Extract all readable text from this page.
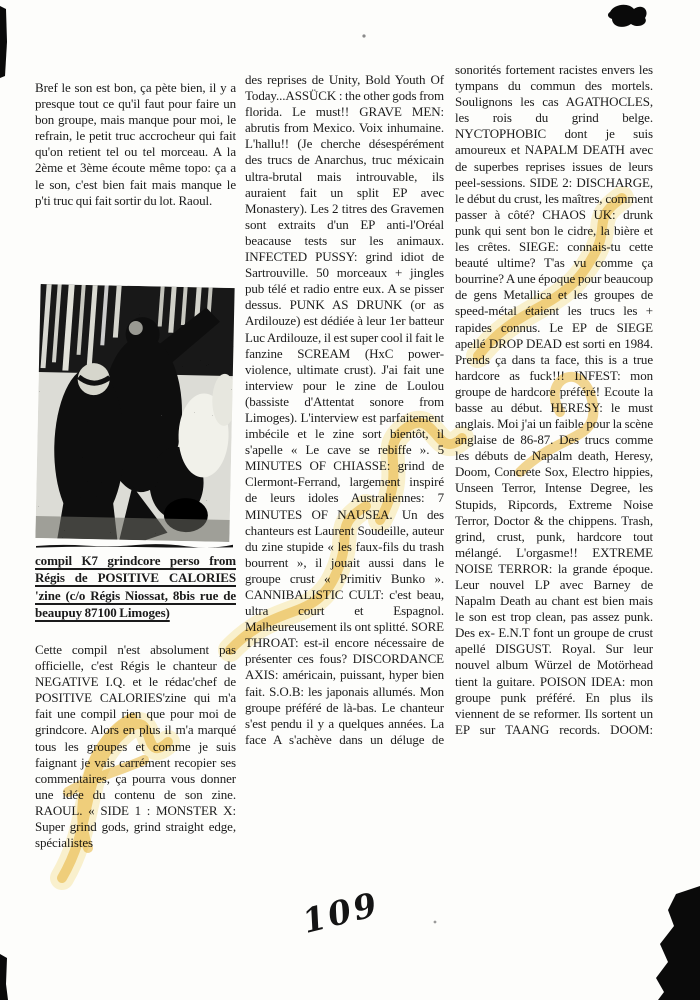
Bref le son est bon, ça pète bien, il y a presque tout ce qu'il faut pour faire un bon groupe, mais manque pour moi, le refrain, le petit truc accrocheur qui fait qu'on retient tel ou tel morceau. A la 2ème et 3ème écoute même topo: ça a le son, c'est bien fait mais manque le p'ti truc qui fait sortir du lot. Raoul.
compil K7 grindcore perso from Régis de POSITIVE CALORIES 'zine (c/o Régis Niossat, 8bis rue de beaupuy 87100 Limoges)
Cette compil n'est absolument pas officielle, c'est Régis le chanteur de NEGATIVE I.Q. et le rédac'chef de POSITIVE CALORIES'zine qui m'a fait une compil rien que pour moi de grindcore. Alors en plus il m'a marqué tous les groupes et comme je suis faignant je vais carrément recopier ses commentaires, ça pourra vous donner une idée du contenu de son zine. RAOUL. « SIDE 1 : MONSTER X: Super grind gods, grind straight edge, spécialistes
des reprises de Unity, Bold Youth Of Today...ASSÜCK : the other gods from florida. Le must!! GRAVE MEN: abrutis from Mexico. Voix inhumaine. L'hallu!! (Je cherche désespérément des trucs de Anarchus, truc méxicain ultra-brutal mais introuvable, ils auraient fait un split EP avec Monastery). Les 2 titres des Gravemen sont extraits d'un EP anti-l'Oréal beacause tests sur les animaux. INFECTED PUSSY: grind idiot de Sartrouville. 50 morceaux + jingles pub télé et radio entre eux. A se pisser dessus. PUNK AS DRUNK (or as Ardilouze) est dédiée à leur 1er batteur Luc Ardilouze, il est super cool il fait le fanzine SCREAM (HxC power-violence, ultimate crust). J'ai fait une interview pour le zine de Loulou (bassiste d'Attentat sonore from Limoges). L'interview est parfaitement imbécile et le zine sort bientôt, il s'apelle « Le cave se rebiffe ». 5 MINUTES OF CHIASSE: grind de Clermont-Ferrand, largement inspiré de leurs idoles Australiennes: 7 MINUTES OF NAUSEA. Un des chanteurs est Laurent Soudeille, auteur du zine stupide « les faux-fils du trash bourrent », il jouait aussi dans le groupe crust « Primitiv Bunko ». CANNIBALISTIC CULT: c'est beau, ultra court et Espagnol. Malheureusement ils ont splitté. SORE THROAT: est-il encore nécessaire de présenter ces fous? DISCORDANCE AXIS: américain, puissant, hyper bien fait. S.O.B: les japonais allumés. Mon groupe préféré de là-bas. Le chanteur s'est pendu il y a quelques années. La face A s'achève dans un déluge de
sonorités fortement racistes envers les tympans du commun des mortels. Soulignons les cas AGATHOCLES, les rois du grind belge. NYCTOPHOBIC dont je suis amoureux et NAPALM DEATH avec de superbes reprises issues de leurs peel-sessions. SIDE 2: DISCHARGE, le début du crust, les maîtres, comment passer à côté? CHAOS UK: drunk punk qui sent bon le cidre, la bière et les crêtes. SIEGE: connais-tu cette beauté ultime? T'as vu comme ça bourrine? A une époque pour beaucoup de gens Metallica et les groupes de speed-métal étaient les trucs les + rapides connus. Le EP de SIEGE apellé DROP DEAD est sorti en 1984. Prends ça dans ta face, this is a true hardcore as fuck!!! INFEST: mon groupe de hardcore préféré! Ecoute la basse au début. HERESY: le must anglais. Moi j'ai un faible pour la scène anglaise de 86-87. Des trucs comme les débuts de Napalm death, Heresy, Doom, Concrete Sox, Electro hippies, Unseen Terror, Intense Degree, les Stupids, Ripcords, Extreme Noise Terror, Doctor & the chippens. Trash, grind, crust, punk, hardcore tout mélangé. L'orgasme!! EXTREME NOISE TERROR: la grande époque. Leur nouvel LP avec Barney de Napalm Death au chant est bien mais le son est trop clean, pas assez punk. Des ex- E.N.T font un groupe de crust apellé DISGUST. Royal. Sur leur nouvel album Würzel de Motörhead tient la guitare. POISON IDEA: mon groupe punk préféré. En plus ils viennent de se reformer. Ils sortent un EP sur TAANG records. DOOM:
109
